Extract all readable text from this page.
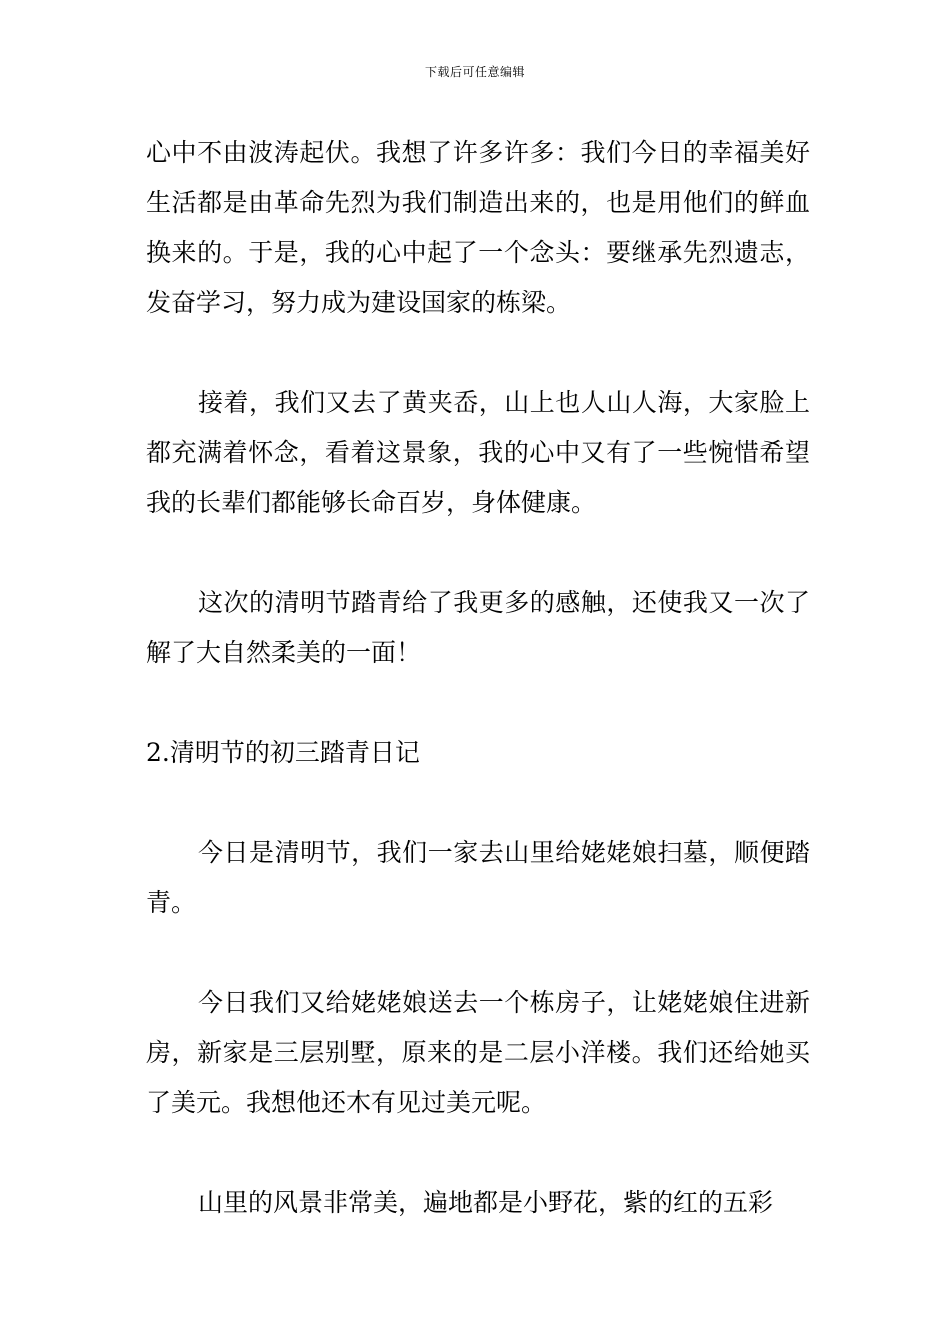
下载后可任意编辑

心中不由波涛起伏。我想了许多许多：我们今日的幸福美好生活都是由革命先烈为我们制造出来的，也是用他们的鲜血换来的。于是，我的心中起了一个念头：要继承先烈遗志，发奋学习，努力成为建设国家的栋梁。

接着，我们又去了黄夹岙，山上也人山人海，大家脸上都充满着怀念，看着这景象，我的心中又有了一些惋惜希望我的长辈们都能够长命百岁，身体健康。

这次的清明节踏青给了我更多的感触，还使我又一次了解了大自然柔美的一面！

2.清明节的初三踏青日记

今日是清明节，我们一家去山里给姥姥娘扫墓，顺便踏青。

今日我们又给姥姥娘送去一个栋房子，让姥姥娘住进新房，新家是三层别墅，原来的是二层小洋楼。我们还给她买了美元。我想他还木有见过美元呢。

山里的风景非常美，遍地都是小野花，紫的红的五彩
